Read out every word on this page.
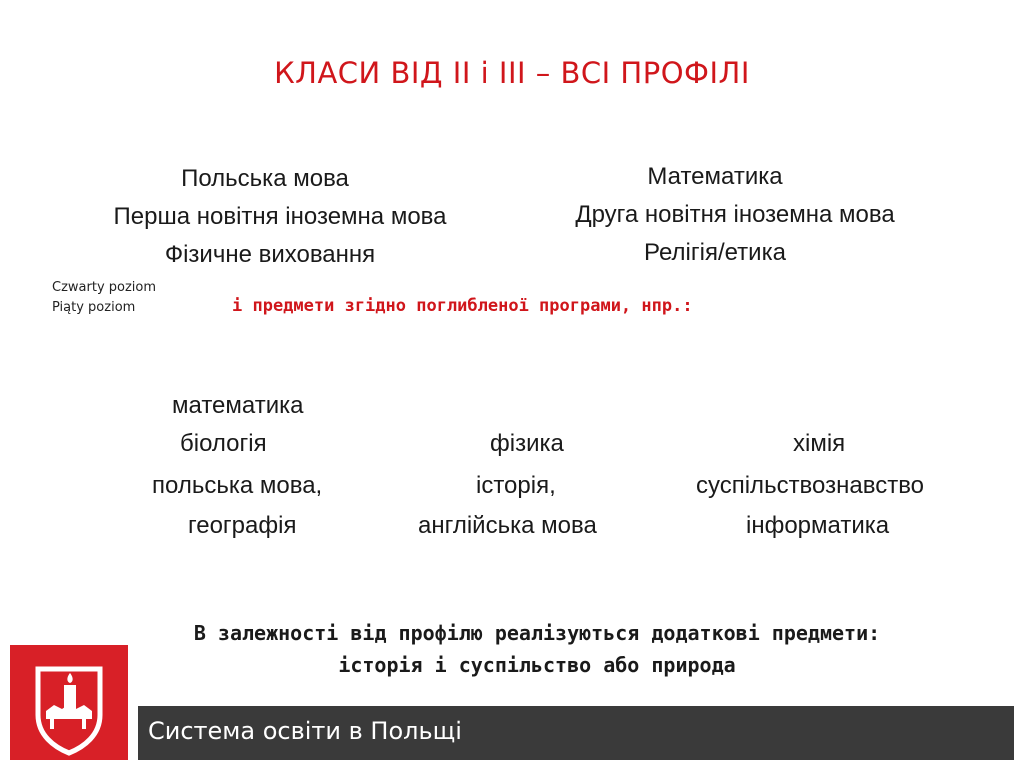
КЛАСИ ВІД ІІ і ІІІ – ВСІ ПРОФІЛІ
Польська мова
Перша новітня іноземна мова
Фізичне виховання
Математика
Друга новітня іноземна мова
Релігія/етика
Czwarty poziom
Piąty poziom	і предмети згідно поглибленої програми, нпр.:
математика
біологія
польська мова,
географія
фізика
історія,
англійська мова
хімія
суспільствознавство
інформатика
В залежності від профілю реалізуються додаткові предмети:
історія і суспільство або природа
Система освіти в Польщі
